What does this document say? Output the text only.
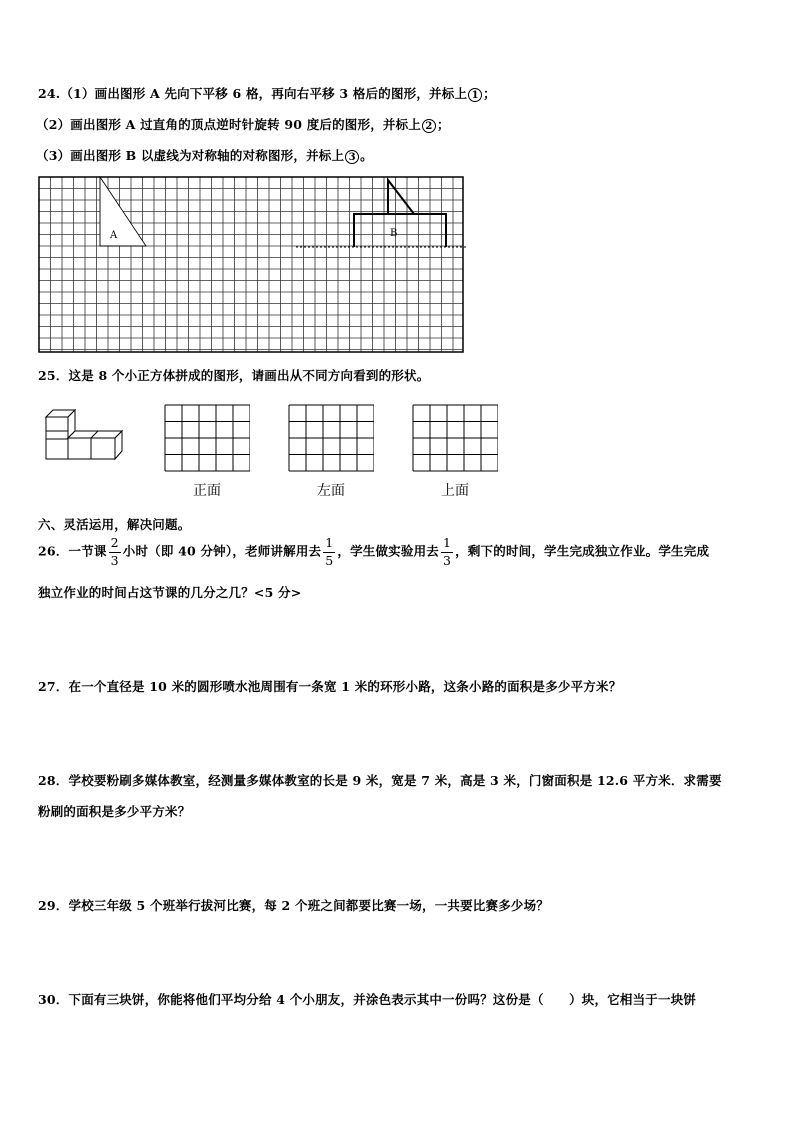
24.（1）画出图形 A 先向下平移 6 格，再向右平移 3 格后的图形，并标上 1 ；
（2）画出图形 A 过直角的顶点逆时针旋转 90 度后的图形，并标上 2 ；
（3）画出图形 B 以虚线为对称轴的对称图形，并标上 3 。
A	B
25．这是 8 个小正方体拼成的图形，请画出从不同方向看到的形状。
正面	左面	上面
六、灵活运用，解决问题。
26．一节课 $\frac{2}{3}$ 小时（即 40 分钟），老师讲解用去 $\frac{1}{5}$ ，学生做实验用去 $\frac{1}{3}$ ，剩下的时间，学生完成独立作业。学生完成
独立作业的时间占这节课的几分之几？<5 分>
27．在一个直径是 10 米的圆形喷水池周围有一条宽 1 米的环形小路，这条小路的面积是多少平方米？
28．学校要粉刷多媒体教室，经测量多媒体教室的长是 9 米，宽是 7 米，高是 3 米，门窗面积是 12.6 平方米．求需要
粉刷的面积是多少平方米？
29．学校三年级 5 个班举行拔河比赛，每 2 个班之间都要比赛一场，一共要比赛多少场？
30．下面有三块饼，你能将他们平均分给 4 个小朋友，并涂色表示其中一份吗？这份是（　　）块，它相当于一块饼
